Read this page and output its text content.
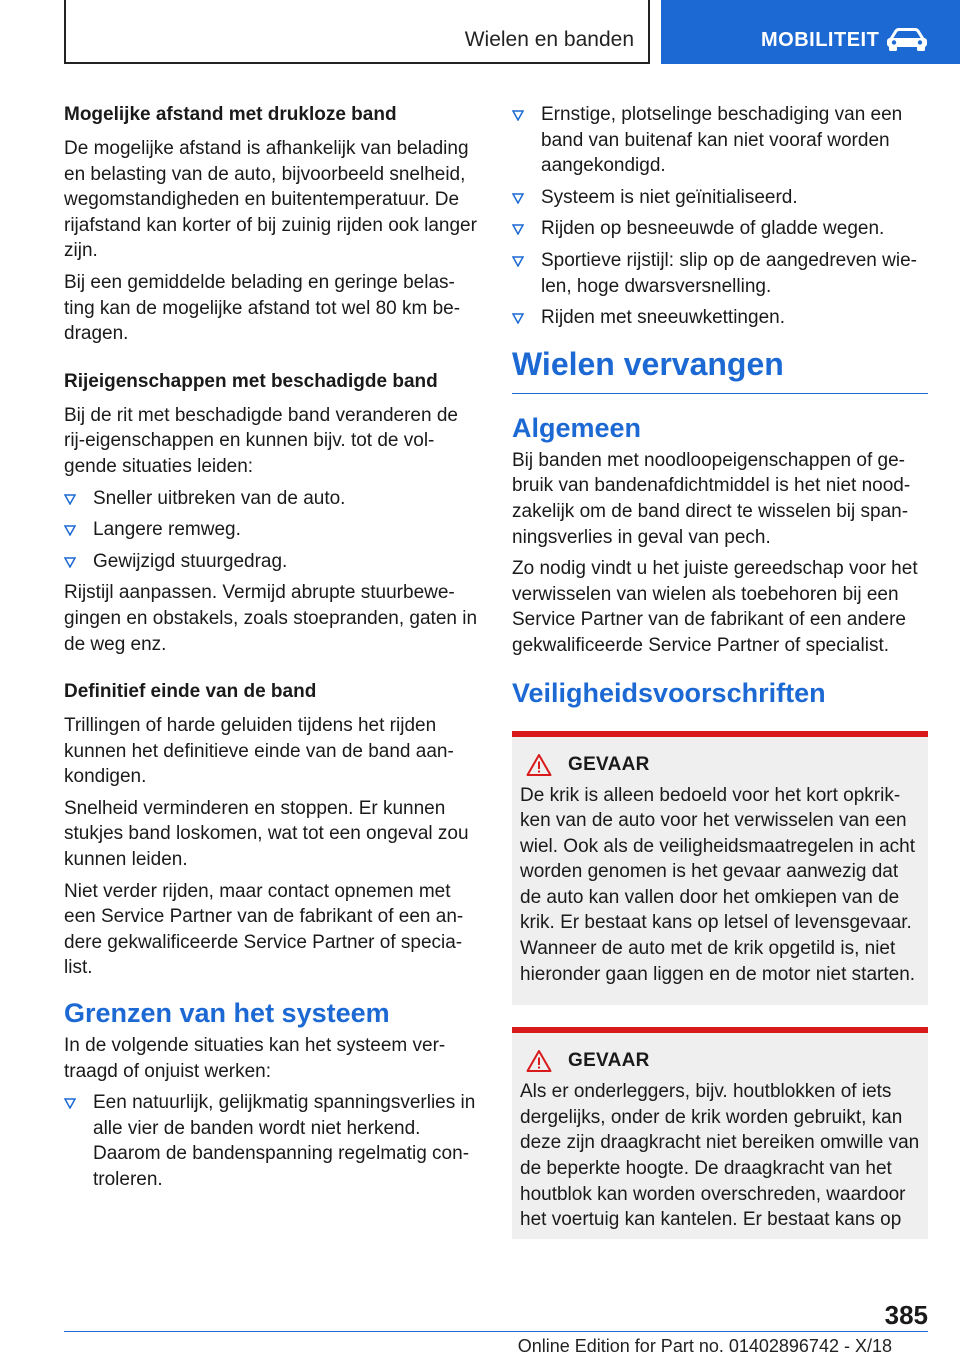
Wielen en banden	MOBILITEIT
Mogelijke afstand met drukloze band
De mogelijke afstand is afhankelijk van belading en belasting van de auto, bijvoorbeeld snelheid, wegomstandigheden en buitentemperatuur. De rijafstand kan korter of bij zuinig rijden ook langer zijn.
Bij een gemiddelde belading en geringe belas-ting kan de mogelijke afstand tot wel 80 km be-dragen.
Rijeigenschappen met beschadigde band
Bij de rit met beschadigde band veranderen de rij-eigenschappen en kunnen bijv. tot de vol-gende situaties leiden:
Sneller uitbreken van de auto.
Langere remweg.
Gewijzigd stuurgedrag.
Rijstijl aanpassen. Vermijd abrupte stuurbewe-gingen en obstakels, zoals stoepranden, gaten in de weg enz.
Definitief einde van de band
Trillingen of harde geluiden tijdens het rijden kunnen het definitieve einde van de band aan-kondigen.
Snelheid verminderen en stoppen. Er kunnen stukjes band loskomen, wat tot een ongeval zou kunnen leiden.
Niet verder rijden, maar contact opnemen met een Service Partner van de fabrikant of een an-dere gekwalificeerde Service Partner of specia-list.
Grenzen van het systeem
In de volgende situaties kan het systeem ver-traagd of onjuist werken:
Een natuurlijk, gelijkmatig spanningsverlies in alle vier de banden wordt niet herkend. Daarom de bandenspanning regelmatig con-troleren.
Ernstige, plotselinge beschadiging van een band van buitenaf kan niet vooraf worden aangekondigd.
Systeem is niet geïnitialiseerd.
Rijden op besneeuwde of gladde wegen.
Sportieve rijstijl: slip op de aangedreven wie-len, hoge dwarsversnelling.
Rijden met sneeuwkettingen.
Wielen vervangen
Algemeen
Bij banden met noodloopeigenschappen of ge-bruik van bandenafdichtmiddel is het niet nood-zakelijk om de band direct te wisselen bij span-ningsverlies in geval van pech.
Zo nodig vindt u het juiste gereedschap voor het verwisselen van wielen als toebehoren bij een Service Partner van de fabrikant of een andere gekwalificeerde Service Partner of specialist.
Veiligheidsvoorschriften
GEVAAR
De krik is alleen bedoeld voor het kort opkrik-ken van de auto voor het verwisselen van een wiel. Ook als de veiligheidsmaatregelen in acht worden genomen is het gevaar aanwezig dat de auto kan vallen door het omkiepen van de krik. Er bestaat kans op letsel of levensgevaar. Wanneer de auto met de krik opgetild is, niet hieronder gaan liggen en de motor niet starten.
GEVAAR
Als er onderleggers, bijv. houtblokken of iets dergelijks, onder de krik worden gebruikt, kan deze zijn draagkracht niet bereiken omwille van de beperkte hoogte. De draagkracht van het houtblok kan worden overschreden, waardoor het voertuig kan kantelen. Er bestaat kans op
385
Online Edition for Part no. 01402896742 - X/18
